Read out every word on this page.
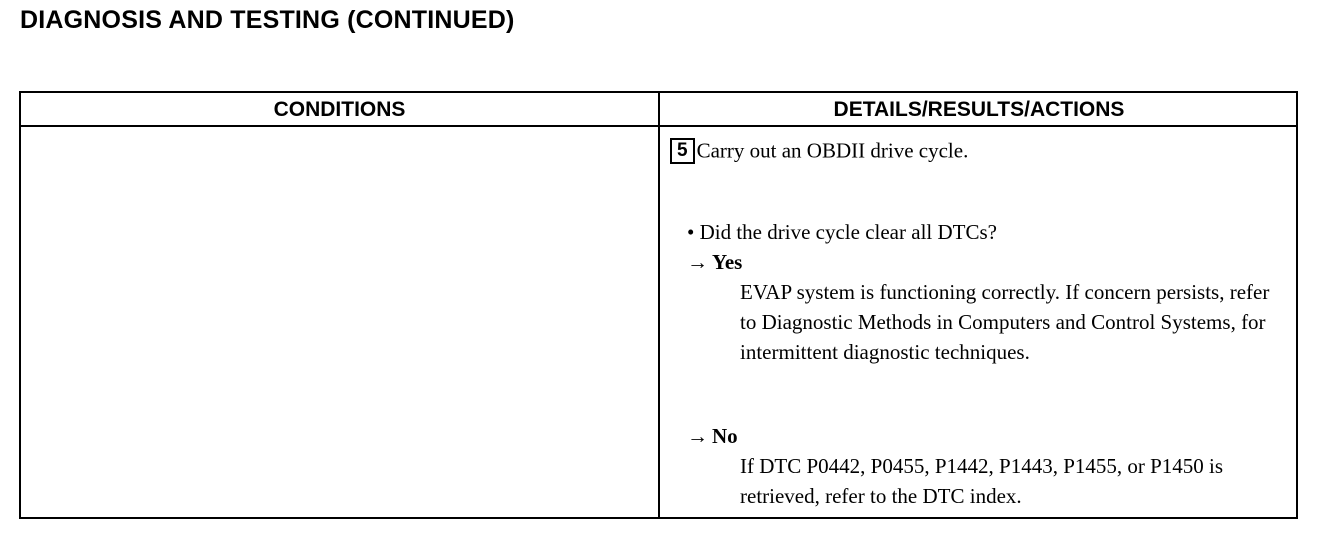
DIAGNOSIS AND TESTING (CONTINUED)
CONDITIONS	DETAILS/RESULTS/ACTIONS
5 Carry out an OBDII drive cycle.
• Did the drive cycle clear all DTCs?
→ Yes
EVAP system is functioning correctly. If concern persists, refer to Diagnostic Methods in Computers and Control Systems, for intermittent diagnostic techniques.
→ No
If DTC P0442, P0455, P1442, P1443, P1455, or P1450 is retrieved, refer to the DTC index.
